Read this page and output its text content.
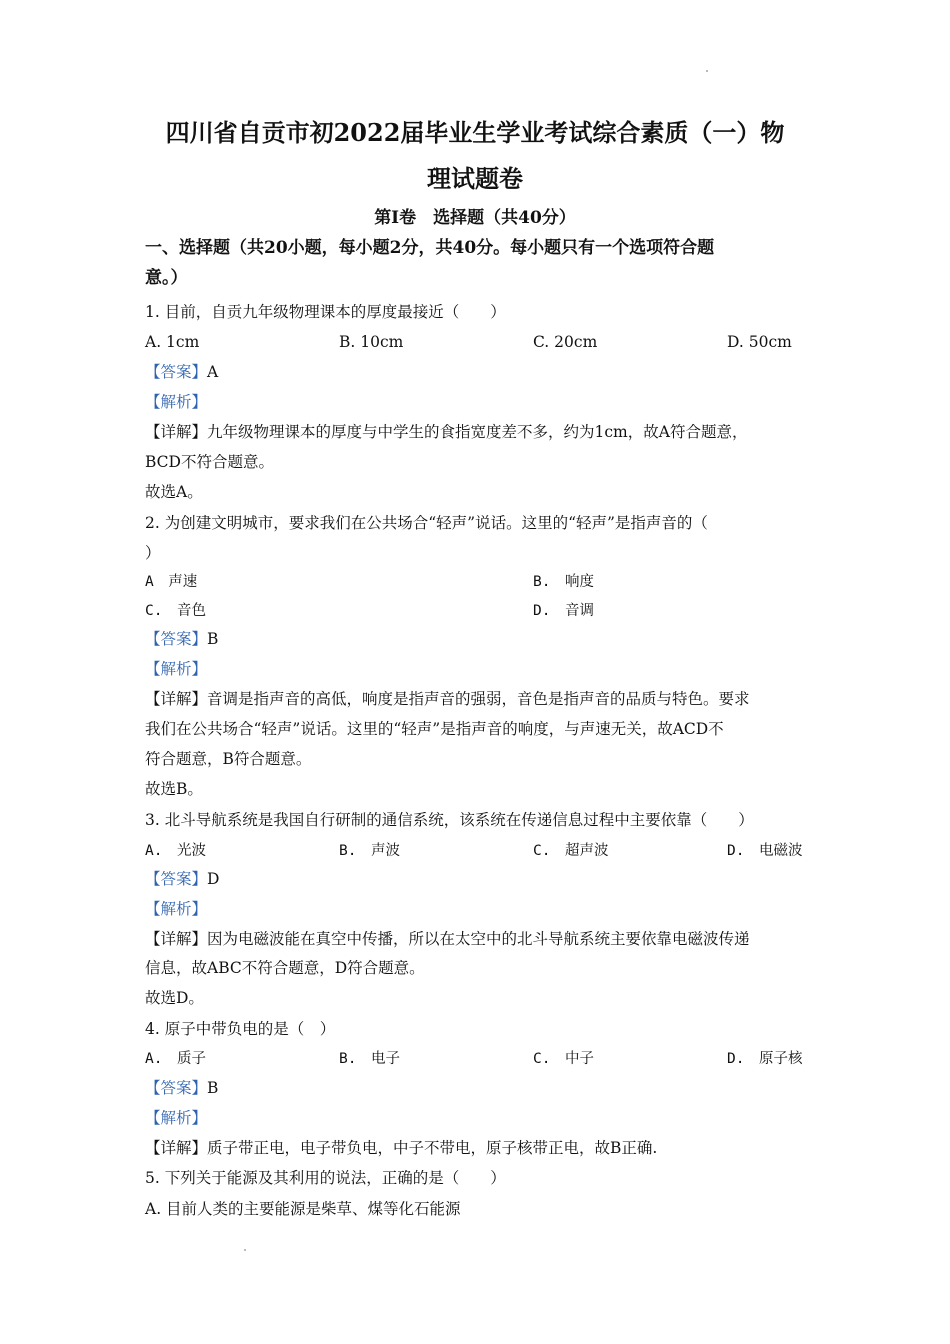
四川省自贡市初2022届毕业生学业考试综合素质（一）物
理试题卷
第Ⅰ卷　选择题（共40分）
一、选择题（共20小题，每小题2分，共40分。每小题只有一个选项符合题
意。）
1. 目前，自贡九年级物理课本的厚度最接近（　　）
A. 1cm	B. 10cm	C. 20cm	D. 50cm
【答案】A
【解析】
【详解】九年级物理课本的厚度与中学生的食指宽度差不多，约为1cm，故A符合题意，
BCD不符合题意。
故选A。
2. 为创建文明城市，要求我们在公共场合“轻声”说话。这里的“轻声”是指声音的（
）
A　声速	B.　响度
C.　音色	D.　音调
【答案】B
【解析】
【详解】音调是指声音的高低，响度是指声音的强弱，音色是指声音的品质与特色。要求
我们在公共场合“轻声”说话。这里的“轻声”是指声音的响度，与声速无关，故ACD不
符合题意，B符合题意。
故选B。
3. 北斗导航系统是我国自行研制的通信系统，该系统在传递信息过程中主要依靠（　　）
A.　光波	B.　声波	C.　超声波	D.　电磁波
【答案】D
【解析】
【详解】因为电磁波能在真空中传播，所以在太空中的北斗导航系统主要依靠电磁波传递
信息，故ABC不符合题意，D符合题意。
故选D。
4. 原子中带负电的是（　）
A.　质子	B.　电子	C.　中子	D.　原子核
【答案】B
【解析】
【详解】质子带正电，电子带负电，中子不带电，原子核带正电，故B正确.
5. 下列关于能源及其利用的说法，正确的是（　　）
A. 目前人类的主要能源是柴草、煤等化石能源
